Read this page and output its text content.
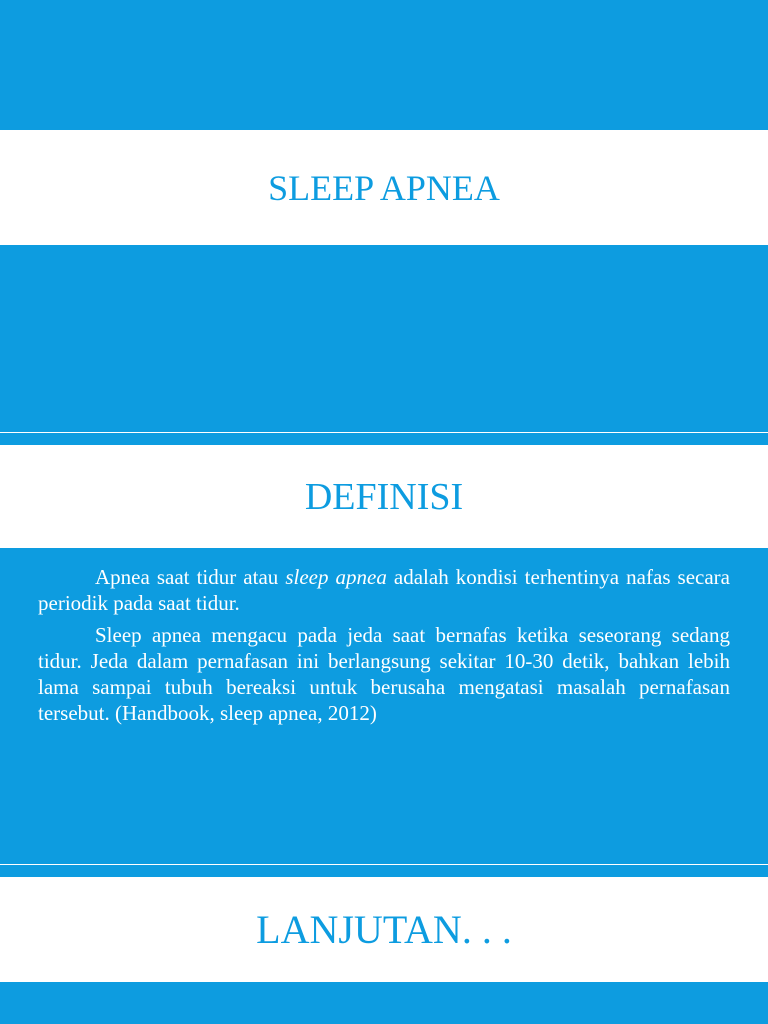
SLEEP APNEA
DEFINISI

Apnea saat tidur atau sleep apnea adalah kondisi terhentinya nafas secara periodik pada saat tidur.

Sleep apnea mengacu pada jeda saat bernafas ketika seseorang sedang tidur. Jeda dalam pernafasan ini berlangsung sekitar 10-30 detik, bahkan lebih lama sampai tubuh bereaksi untuk berusaha mengatasi masalah pernafasan tersebut. (Handbook, sleep apnea, 2012)

LANJUTAN. . .
